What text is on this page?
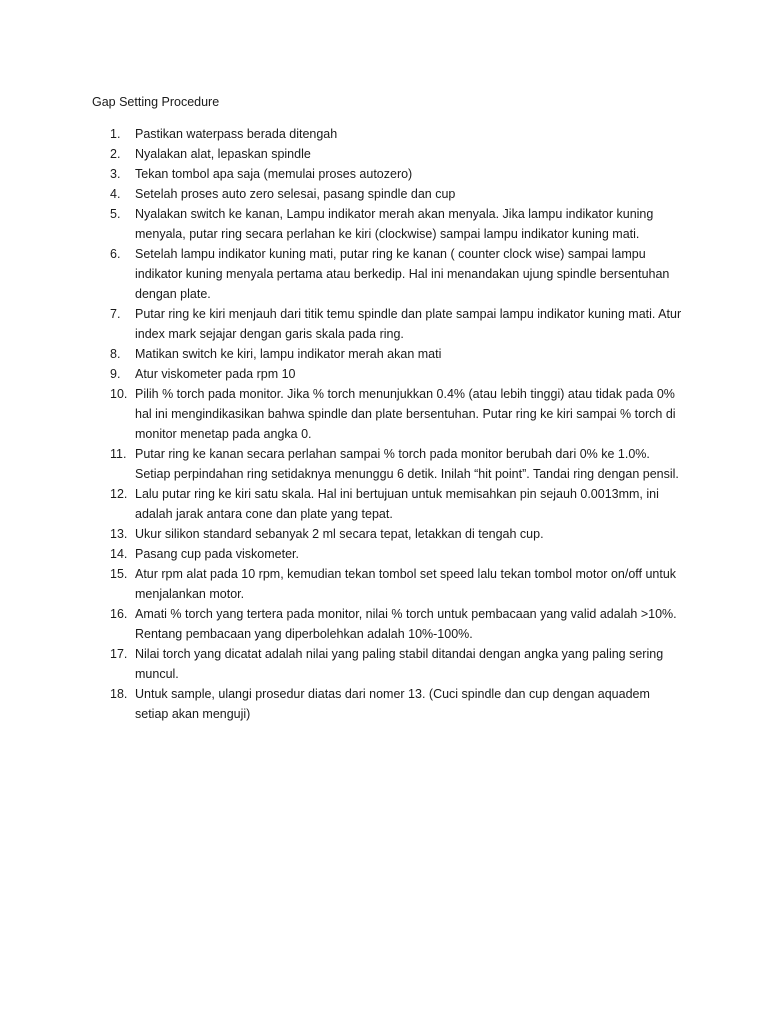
Gap Setting Procedure
1.	Pastikan waterpass berada ditengah
2.	Nyalakan alat, lepaskan spindle
3.	Tekan tombol apa saja (memulai proses autozero)
4.	Setelah proses auto zero selesai, pasang spindle dan cup
5.	Nyalakan switch ke kanan, Lampu indikator merah akan menyala. Jika lampu indikator kuning menyala, putar ring secara perlahan ke kiri (clockwise) sampai lampu indikator kuning mati.
6.	Setelah lampu indikator kuning mati, putar ring ke kanan ( counter clock wise) sampai lampu indikator kuning menyala pertama atau berkedip. Hal ini menandakan ujung spindle bersentuhan dengan plate.
7.	Putar ring ke kiri menjauh dari titik temu spindle dan plate sampai lampu indikator kuning mati. Atur index mark sejajar dengan garis skala pada ring.
8.	Matikan switch ke kiri, lampu indikator merah akan mati
9.	Atur viskometer pada rpm 10
10. Pilih % torch pada monitor. Jika % torch menunjukkan 0.4% (atau lebih tinggi) atau tidak pada 0% hal ini mengindikasikan bahwa spindle dan plate bersentuhan. Putar ring ke kiri sampai % torch di monitor menetap pada angka 0.
11. Putar ring ke kanan secara perlahan sampai % torch pada monitor berubah dari 0% ke 1.0%. Setiap perpindahan ring setidaknya menunggu 6 detik. Inilah “hit point”. Tandai ring dengan pensil.
12. Lalu putar ring ke kiri satu skala. Hal ini bertujuan untuk memisahkan pin sejauh 0.0013mm, ini adalah jarak antara cone dan plate yang tepat.
13. Ukur silikon standard sebanyak 2 ml secara tepat, letakkan di tengah cup.
14. Pasang cup pada viskometer.
15. Atur rpm alat pada 10 rpm, kemudian tekan tombol set speed lalu tekan tombol motor on/off untuk menjalankan motor.
16. Amati % torch yang tertera pada monitor, nilai % torch untuk pembacaan yang valid adalah >10%. Rentang pembacaan yang diperbolehkan adalah 10%-100%.
17. Nilai torch yang dicatat adalah nilai yang paling stabil ditandai dengan angka yang paling sering muncul.
18. Untuk sample, ulangi prosedur diatas dari nomer 13. (Cuci spindle dan cup dengan aquadem setiap akan menguji)
